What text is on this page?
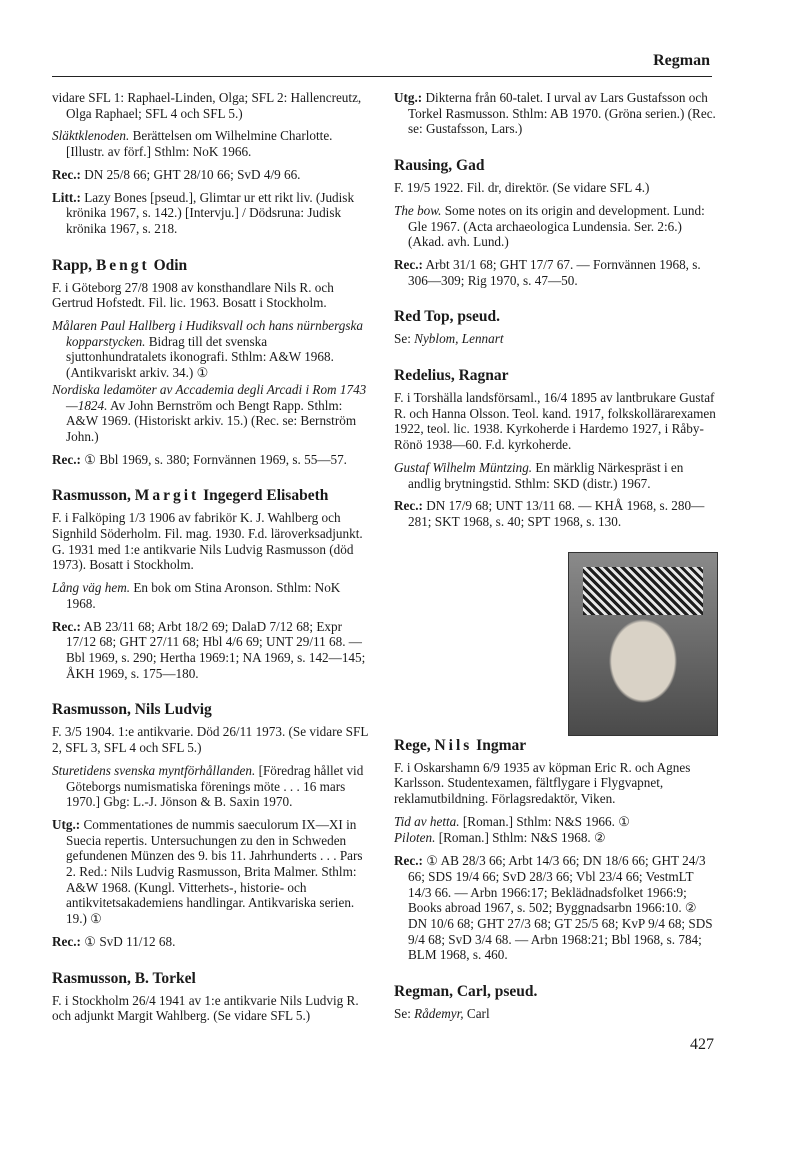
Regman

vidare SFL 1: Raphael-Linden, Olga; SFL 2: Hallencreutz, Olga Raphael; SFL 4 och SFL 5.)

Släktklenoden. Berättelsen om Wilhelmine Charlotte. [Illustr. av förf.] Sthlm: NoK 1966.

Rec.: DN 25/8 66; GHT 28/10 66; SvD 4/9 66.

Litt.: Lazy Bones [pseud.], Glimtar ur ett rikt liv. (Judisk krönika 1967, s. 142.) [Intervju.] / Dödsruna: Judisk krönika 1967, s. 218.

Rapp, Bengt Odin

F. i Göteborg 27/8 1908 av konsthandlare Nils R. och Gertrud Hofstedt. Fil. lic. 1963. Bosatt i Stockholm.

Målaren Paul Hallberg i Hudiksvall och hans nürnbergska kopparstycken. Bidrag till det svenska sjuttonhundratalets ikonografi. Sthlm: A&W 1968. (Antikvariskt arkiv. 34.) ①

Nordiska ledamöter av Accademia degli Arcadi i Rom 1743—1824. Av John Bernström och Bengt Rapp. Sthlm: A&W 1969. (Historiskt arkiv. 15.) (Rec. se: Bernström John.)

Rec.: ① Bbl 1969, s. 380; Fornvännen 1969, s. 55—57.

Rasmusson, Margit Ingegerd Elisabeth

F. i Falköping 1/3 1906 av fabrikör K. J. Wahlberg och Signhild Söderholm. Fil. mag. 1930. F.d. läroverksadjunkt. G. 1931 med 1:e antikvarie Nils Ludvig Rasmusson (död 1973). Bosatt i Stockholm.

Lång väg hem. En bok om Stina Aronson. Sthlm: NoK 1968.

Rec.: AB 23/11 68; Arbt 18/2 69; DalaD 7/12 68; Expr 17/12 68; GHT 27/11 68; Hbl 4/6 69; UNT 29/11 68. — Bbl 1969, s. 290; Hertha 1969:1; NA 1969, s. 142—145; ÅKH 1969, s. 175—180.

Rasmusson, Nils Ludvig

F. 3/5 1904. 1:e antikvarie. Död 26/11 1973. (Se vidare SFL 2, SFL 3, SFL 4 och SFL 5.)

Sturetidens svenska myntförhållanden. [Föredrag hållet vid Göteborgs numismatiska förenings möte . . . 16 mars 1970.] Gbg: L.-J. Jönson & B. Saxin 1970.

Utg.: Commentationes de nummis saeculorum IX—XI in Suecia repertis. Untersuchungen zu den in Schweden gefundenen Münzen des 9. bis 11. Jahrhunderts . . . Pars 2. Red.: Nils Ludvig Rasmusson, Brita Malmer. Sthlm: A&W 1968. (Kungl. Vitterhets-, historie- och antikvitetsakademiens handlingar. Antikvariska serien. 19.) ①

Rec.: ① SvD 11/12 68.

Rasmusson, B. Torkel

F. i Stockholm 26/4 1941 av 1:e antikvarie Nils Ludvig R. och adjunkt Margit Wahlberg. (Se vidare SFL 5.)

Utg.: Dikterna från 60-talet. I urval av Lars Gustafsson och Torkel Rasmusson. Sthlm: AB 1970. (Gröna serien.) (Rec. se: Gustafsson, Lars.)

Rausing, Gad

F. 19/5 1922. Fil. dr, direktör. (Se vidare SFL 4.)

The bow. Some notes on its origin and development. Lund: Gle 1967. (Acta archaeologica Lundensia. Ser. 2:6.) (Akad. avh. Lund.)

Rec.: Arbt 31/1 68; GHT 17/7 67. — Fornvännen 1968, s. 306—309; Rig 1970, s. 47—50.

Red Top, pseud.

Se: Nyblom, Lennart

Redelius, Ragnar

F. i Torshälla landsförsaml., 16/4 1895 av lantbrukare Gustaf R. och Hanna Olsson. Teol. kand. 1917, folkskollärarexamen 1922, teol. lic. 1938. Kyrkoherde i Hardemo 1927, i Råby-Rönö 1938—60. F.d. kyrkoherde.

Gustaf Wilhelm Müntzing. En märklig Närkespräst i en andlig brytningstid. Sthlm: SKD (distr.) 1967.

Rec.: DN 17/9 68; UNT 13/11 68. — KHÅ 1968, s. 280—281; SKT 1968, s. 40; SPT 1968, s. 130.

Rege, Nils Ingmar

F. i Oskarshamn 6/9 1935 av köpman Eric R. och Agnes Karlsson. Studentexamen, fältflygare i Flygvapnet, reklamutbildning. Förlagsredaktör, Viken.

Tid av hetta. [Roman.] Sthlm: N&S 1966. ①

Piloten. [Roman.] Sthlm: N&S 1968. ②

Rec.: ① AB 28/3 66; Arbt 14/3 66; DN 18/6 66; GHT 24/3 66; SDS 19/4 66; SvD 28/3 66; Vbl 23/4 66; VestmLT 14/3 66. — Arbn 1966:17; Beklädnadsfolket 1966:9; Books abroad 1967, s. 502; Byggnadsarbn 1966:10. ② DN 10/6 68; GHT 27/3 68; GT 25/5 68; KvP 9/4 68; SDS 9/4 68; SvD 3/4 68. — Arbn 1968:21; Bbl 1968, s. 784; BLM 1968, s. 460.

Regman, Carl, pseud.

Se: Rådemyr, Carl

427
